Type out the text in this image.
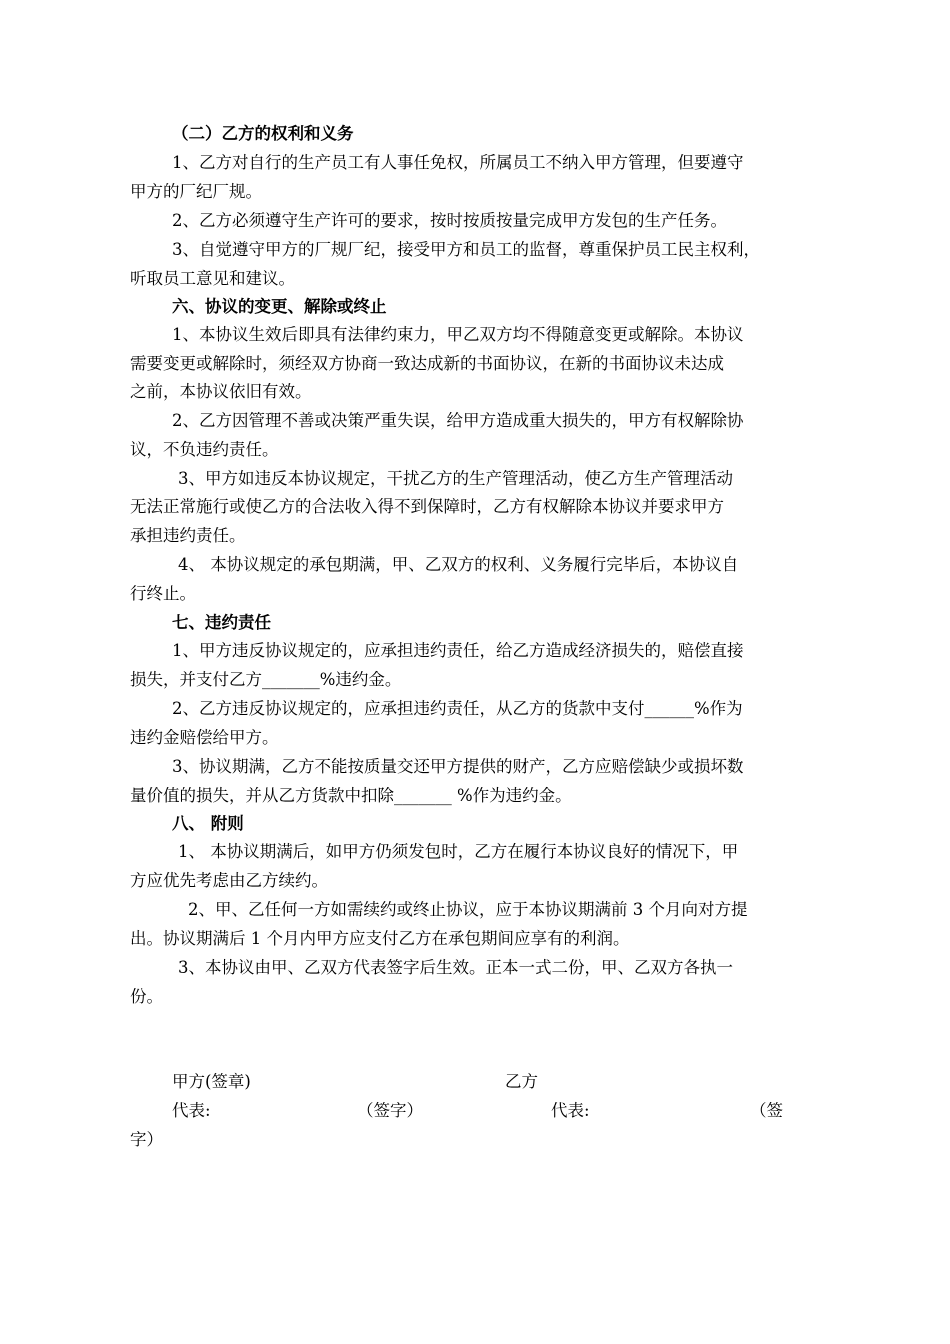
（二）乙方的权利和义务
1、乙方对自行的生产员工有人事任免权，所属员工不纳入甲方管理，但要遵守
甲方的厂纪厂规。
2、乙方必须遵守生产许可的要求，按时按质按量完成甲方发包的生产任务。
3、自觉遵守甲方的厂规厂纪，接受甲方和员工的监督，尊重保护员工民主权利，
听取员工意见和建议。
六、协议的变更、解除或终止
1、本协议生效后即具有法律约束力，甲乙双方均不得随意变更或解除。本协议
需要变更或解除时，须经双方协商一致达成新的书面协议，在新的书面协议未达成
之前，本协议依旧有效。
2、乙方因管理不善或决策严重失误，给甲方造成重大损失的，甲方有权解除协
议，不负违约责任。
3、甲方如违反本协议规定，干扰乙方的生产管理活动，使乙方生产管理活动
无法正常施行或使乙方的合法收入得不到保障时，乙方有权解除本协议并要求甲方
承担违约责任。
4、 本协议规定的承包期满，甲、乙双方的权利、义务履行完毕后，本协议自
行终止。
七、违约责任
1、甲方违反协议规定的，应承担违约责任，给乙方造成经济损失的，赔偿直接
损失，并支付乙方_______%违约金。
2、乙方违反协议规定的，应承担违约责任，从乙方的货款中支付______%作为
违约金赔偿给甲方。
3、协议期满，乙方不能按质量交还甲方提供的财产，乙方应赔偿缺少或损坏数
量价值的损失，并从乙方货款中扣除_______ %作为违约金。
八、 附则
1、 本协议期满后，如甲方仍须发包时，乙方在履行本协议良好的情况下，甲
方应优先考虑由乙方续约。
2、甲、乙任何一方如需续约或终止协议，应于本协议期满前 3 个月向对方提
出。协议期满后 1 个月内甲方应支付乙方在承包期间应享有的利润。
3、本协议由甲、乙双方代表签字后生效。正本一式二份，甲、乙双方各执一
份。
甲方(签章)	乙方
代表:	（签字）	代表:	（签
字）
